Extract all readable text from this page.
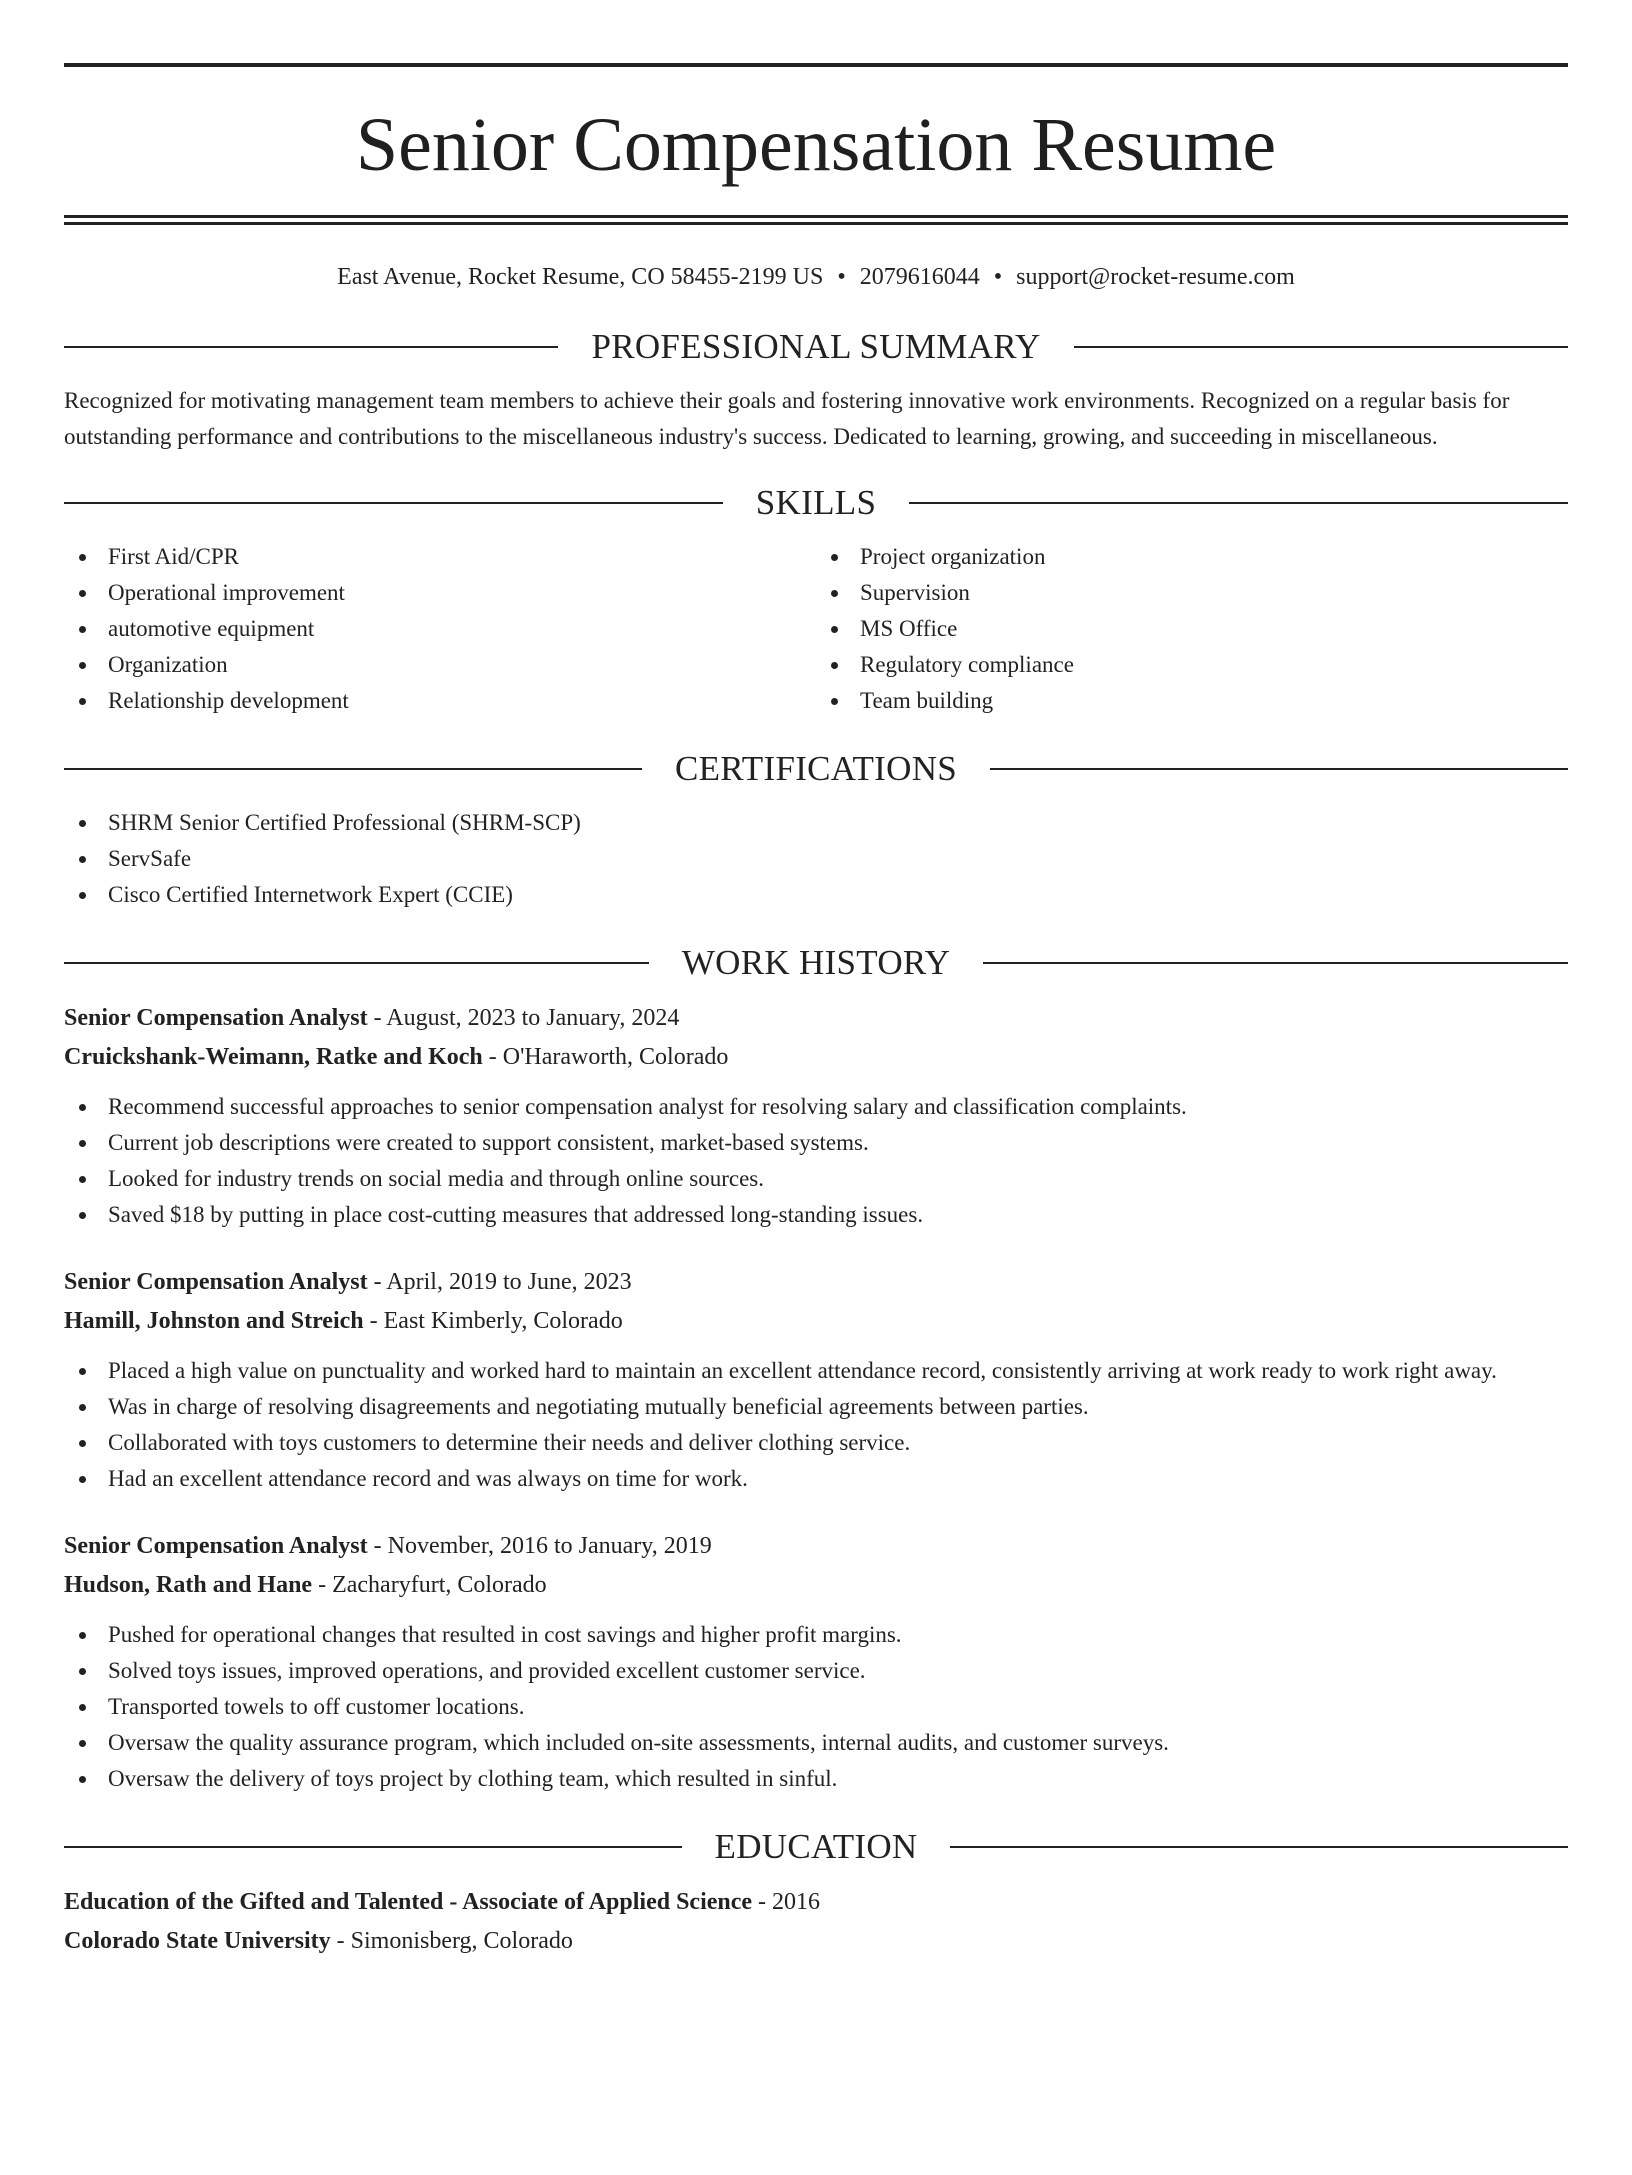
Senior Compensation Resume
East Avenue, Rocket Resume, CO 58455-2199 US • 2079616044 • support@rocket-resume.com
PROFESSIONAL SUMMARY

Recognized for motivating management team members to achieve their goals and fostering innovative work environments. Recognized on a regular basis for outstanding performance and contributions to the miscellaneous industry's success. Dedicated to learning, growing, and succeeding in miscellaneous.

SKILLS
First Aid/CPR
Operational improvement
automotive equipment
Organization
Relationship development
Project organization
Supervision
MS Office
Regulatory compliance
Team building
CERTIFICATIONS
SHRM Senior Certified Professional (SHRM-SCP)
ServSafe
Cisco Certified Internetwork Expert (CCIE)
WORK HISTORY
Senior Compensation Analyst - August, 2023 to January, 2024
Cruickshank-Weimann, Ratke and Koch - O'Haraworth, Colorado
Recommend successful approaches to senior compensation analyst for resolving salary and classification complaints.
Current job descriptions were created to support consistent, market-based systems.
Looked for industry trends on social media and through online sources.
Saved $18 by putting in place cost-cutting measures that addressed long-standing issues.
Senior Compensation Analyst - April, 2019 to June, 2023
Hamill, Johnston and Streich - East Kimberly, Colorado
Placed a high value on punctuality and worked hard to maintain an excellent attendance record, consistently arriving at work ready to work right away.
Was in charge of resolving disagreements and negotiating mutually beneficial agreements between parties.
Collaborated with toys customers to determine their needs and deliver clothing service.
Had an excellent attendance record and was always on time for work.
Senior Compensation Analyst - November, 2016 to January, 2019
Hudson, Rath and Hane - Zacharyfurt, Colorado
Pushed for operational changes that resulted in cost savings and higher profit margins.
Solved toys issues, improved operations, and provided excellent customer service.
Transported towels to off customer locations.
Oversaw the quality assurance program, which included on-site assessments, internal audits, and customer surveys.
Oversaw the delivery of toys project by clothing team, which resulted in sinful.
EDUCATION
Education of the Gifted and Talented - Associate of Applied Science - 2016
Colorado State University - Simonisberg, Colorado
